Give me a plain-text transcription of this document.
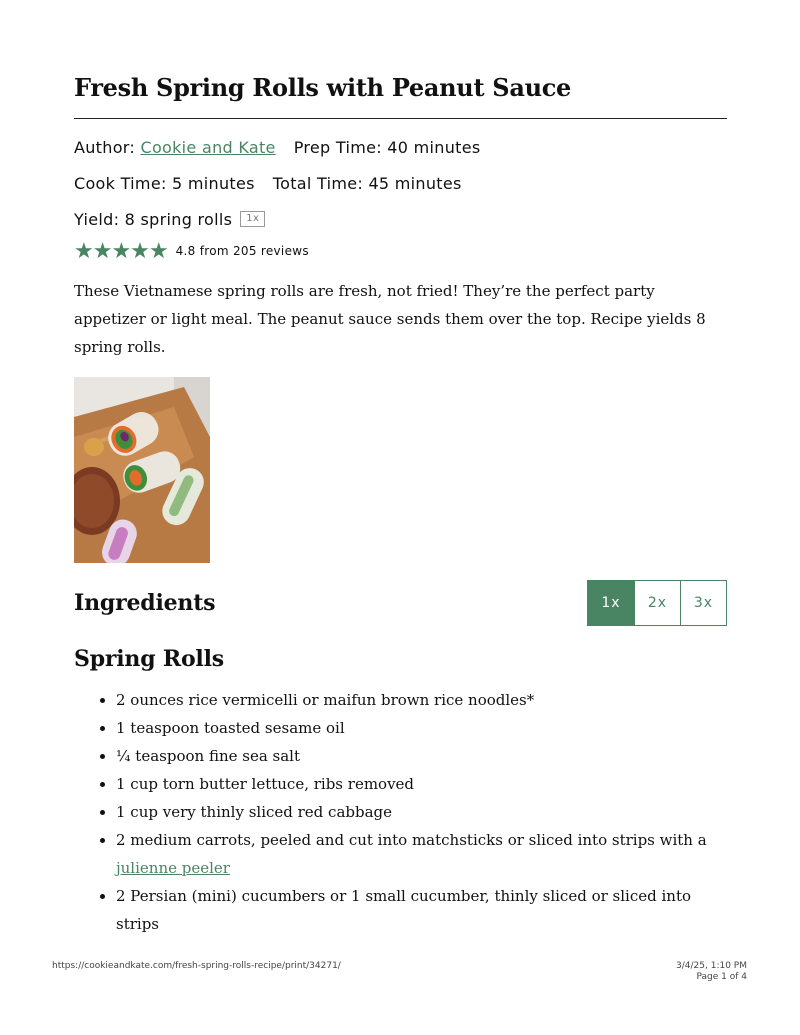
Fresh Spring Rolls with Peanut Sauce
Author: Cookie and Kate Prep Time: 40 minutes
Cook Time: 5 minutes Total Time: 45 minutes
Yield: 8 spring rolls	1x
★★★★★ 4.8 from 205 reviews

These Vietnamese spring rolls are fresh, not fried! They’re the perfect party appetizer or light meal. The peanut sauce sends them over the top. Recipe yields 8 spring rolls.

Ingredients	1x	2x	3x
Spring Rolls
• 2 ounces rice vermicelli or maifun brown rice noodles*
• 1 teaspoon toasted sesame oil
• ¼ teaspoon fine sea salt
• 1 cup torn butter lettuce, ribs removed
• 1 cup very thinly sliced red cabbage
• 2 medium carrots, peeled and cut into matchsticks or sliced into strips with a julienne peeler
• 2 Persian (mini) cucumbers or 1 small cucumber, thinly sliced or sliced into strips
https://cookieandkate.com/fresh-spring-rolls-recipe/print/34271/	3/4/25, 1:10 PM
Page 1 of 4
